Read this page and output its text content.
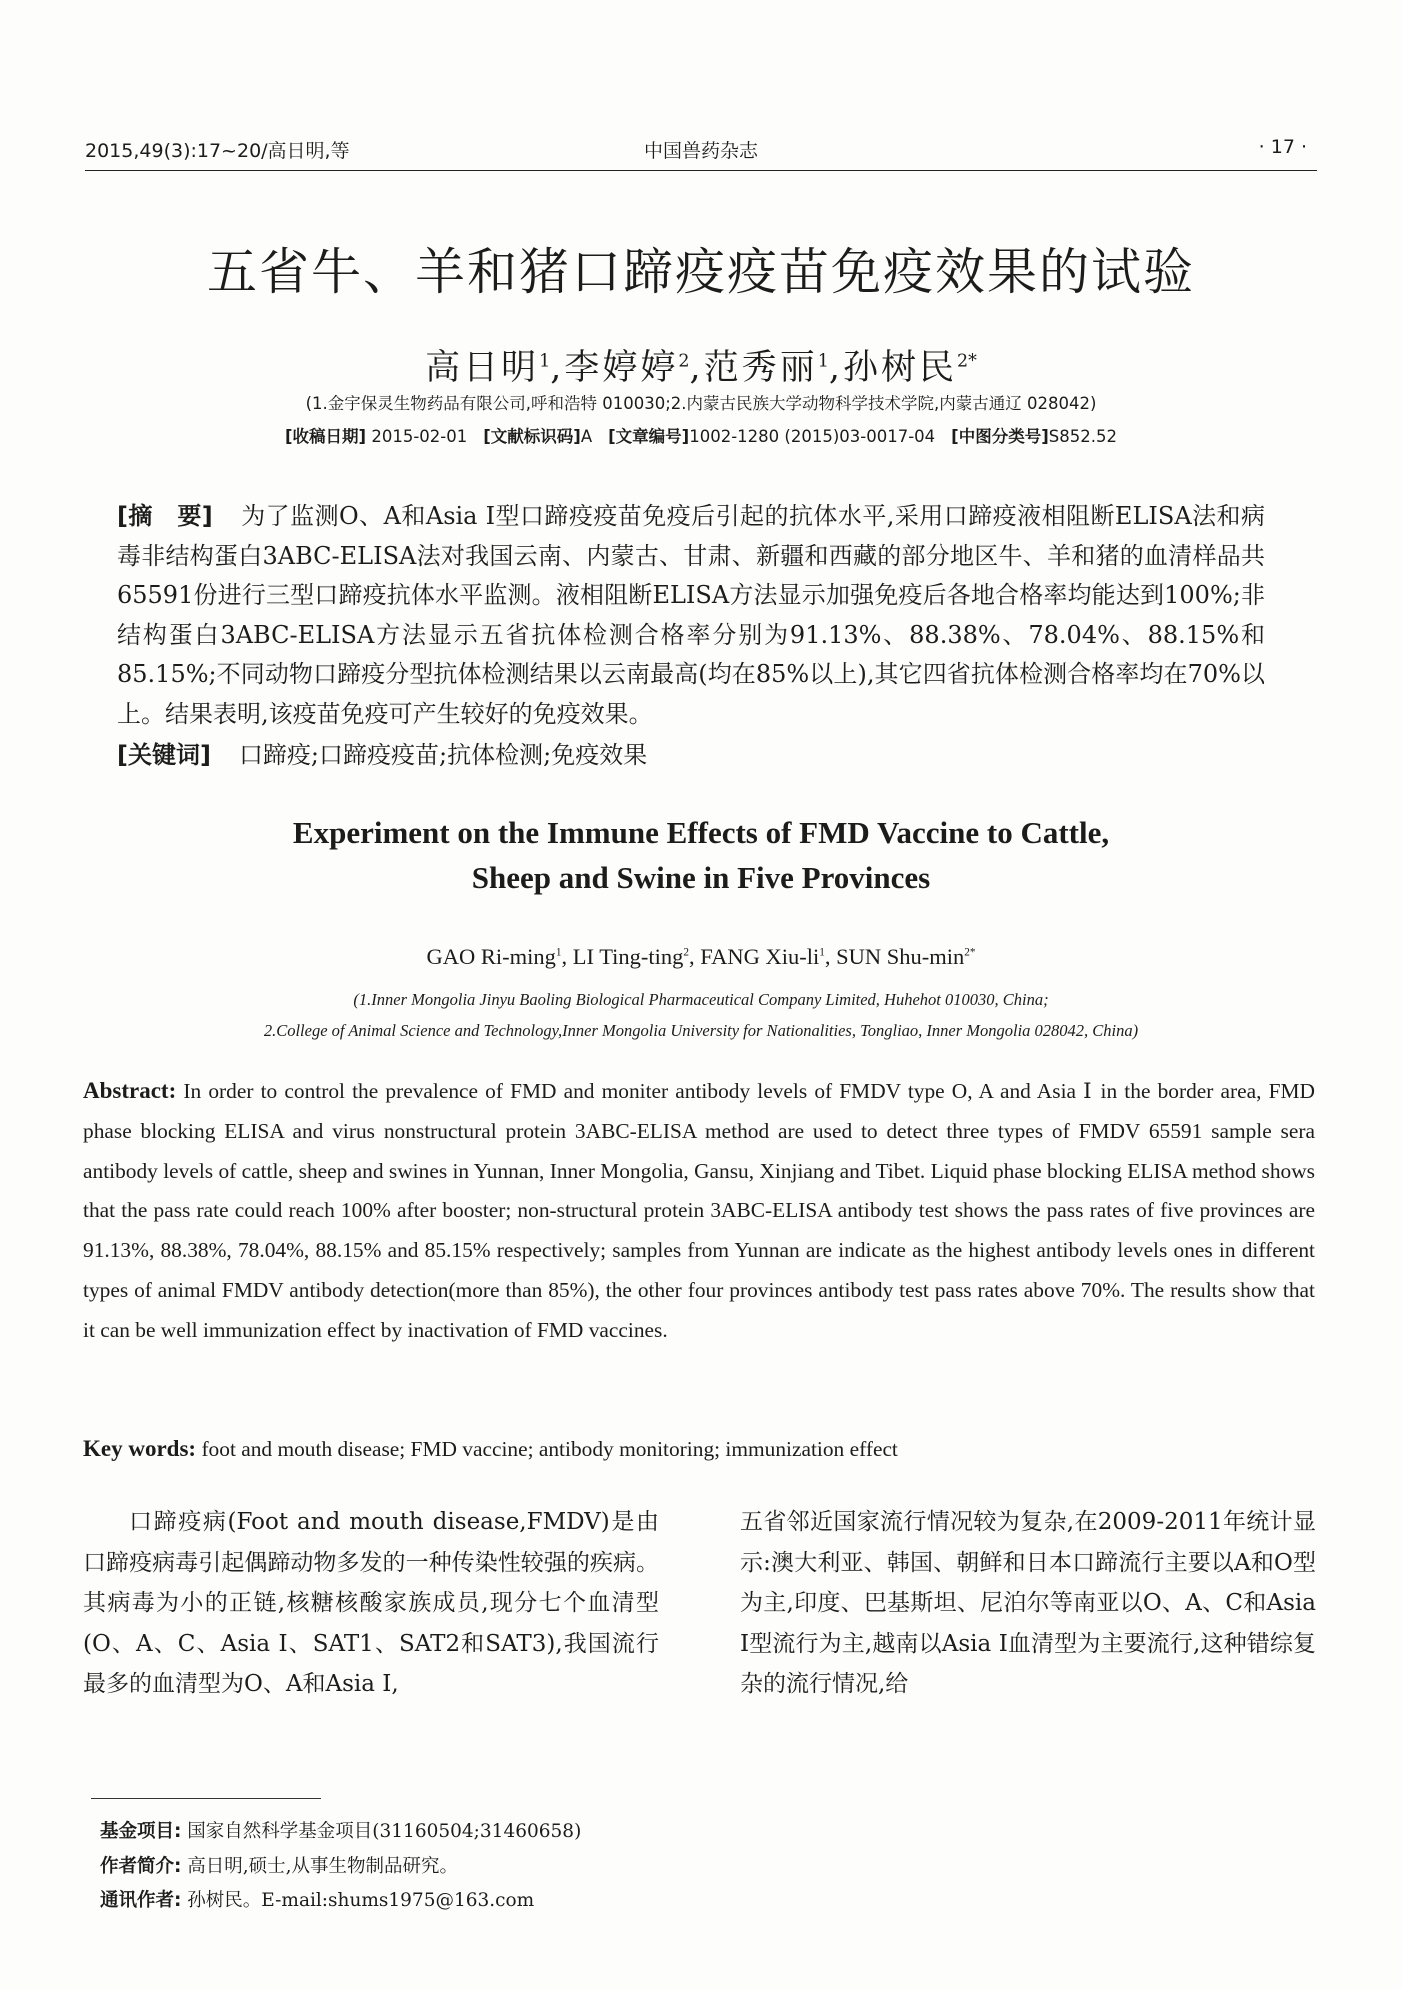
2015,49(3):17~20/高日明,等	中国兽药杂志	· 17 ·
五省牛、羊和猪口蹄疫疫苗免疫效果的试验
高日明$^1$,李婷婷$^2$,范秀丽$^1$,孙树民$^{2*}$
(1.金宇保灵生物药品有限公司,呼和浩特 010030;2.内蒙古民族大学动物科学技术学院,内蒙古通辽 028042)
[收稿日期] 2015-02-01 [文献标识码]A [文章编号]1002-1280 (2015)03-0017-04 [中图分类号]S852.52

[摘　要] 为了监测O、A和Asia Ⅰ型口蹄疫疫苗免疫后引起的抗体水平,采用口蹄疫液相阻断ELISA法和病毒非结构蛋白3ABC-ELISA法对我国云南、内蒙古、甘肃、新疆和西藏的部分地区牛、羊和猪的血清样品共65591份进行三型口蹄疫抗体水平监测。液相阻断ELISA方法显示加强免疫后各地合格率均能达到100%;非结构蛋白3ABC-ELISA方法显示五省抗体检测合格率分别为91.13%、88.38%、78.04%、88.15%和85.15%;不同动物口蹄疫分型抗体检测结果以云南最高(均在85%以上),其它四省抗体检测合格率均在70%以上。结果表明,该疫苗免疫可产生较好的免疫效果。

[关键词] 口蹄疫;口蹄疫疫苗;抗体检测;免疫效果

Experiment on the Immune Effects of FMD Vaccine to Cattle,
Sheep and Swine in Five Provinces
GAO Ri-ming$^1$, LI Ting-ting$^2$, FANG Xiu-$li^1$, SUN Shu-$\min^{2*}$
(1.Inner Mongolia Jinyu Baoling Biological Pharmaceutical Company Limited, Huhehot 010030, China;
2.College of Animal Science and Technology,Inner Mongolia University for Nationalities, Tongliao, Inner Mongolia 028042, China)

Abstract: In order to control the prevalence of FMD and moniter antibody levels of FMDV type O, A and Asia Ⅰ in the border area, FMD phase blocking ELISA and virus nonstructural protein 3ABC-ELISA method are used to detect three types of FMDV 65591 sample sera antibody levels of cattle, sheep and swines in Yunnan, Inner Mongolia, Gansu, Xinjiang and Tibet. Liquid phase blocking ELISA method shows that the pass rate could reach 100% after booster; non-structural protein 3ABC-ELISA antibody test shows the pass rates of five provinces are 91.13%, 88.38%, 78.04%, 88.15% and 85.15% respectively; samples from Yunnan are indicate as the highest antibody levels ones in different types of animal FMDV antibody detection(more than 85%), the other four provinces antibody test pass rates above 70%. The results show that it can be well immunization effect by inactivation of FMD vaccines.

Key words: foot and mouth disease; FMD vaccine; antibody monitoring; immunization effect

口蹄疫病(Foot and mouth disease,FMDV)是由口蹄疫病毒引起偶蹄动物多发的一种传染性较强的疾病。其病毒为小的正链,核糖核酸家族成员,现分七个血清型(O、A、C、Asia Ⅰ、SAT1、SAT2和SAT3),我国流行最多的血清型为O、A和Asia Ⅰ,

五省邻近国家流行情况较为复杂,在2009-2011年统计显示:澳大利亚、韩国、朝鲜和日本口蹄流行主要以A和O型为主,印度、巴基斯坦、尼泊尔等南亚以O、A、C和Asia Ⅰ型流行为主,越南以Asia Ⅰ血清型为主要流行,这种错综复杂的流行情况,给

基金项目: 国家自然科学基金项目(31160504;31460658)

作者简介: 高日明,硕士,从事生物制品研究。

通讯作者: 孙树民。E-mail:shums1975@163.com
